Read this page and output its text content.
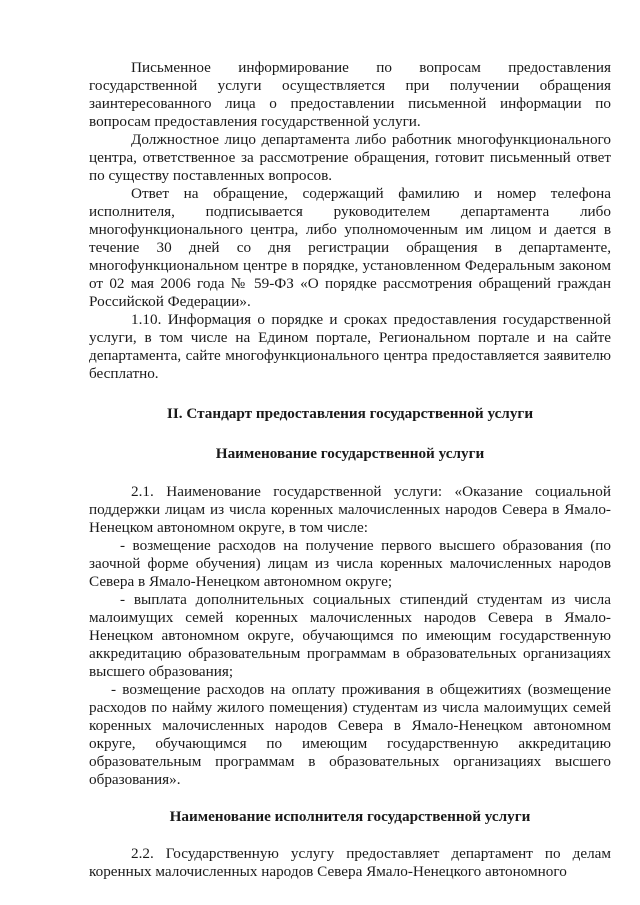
Письменное информирование по вопросам предоставления государственной услуги осуществляется при получении обращения заинтересованного лица о предоставлении письменной информации по вопросам предоставления государственной услуги.

Должностное лицо департамента либо работник многофункционального центра, ответственное за рассмотрение обращения, готовит письменный ответ по существу поставленных вопросов.

Ответ на обращение, содержащий фамилию и номер телефона исполнителя, подписывается руководителем департамента либо многофункционального центра, либо уполномоченным им лицом и дается в течение 30 дней со дня регистрации обращения в департаменте, многофункциональном центре в порядке, установленном Федеральным законом от 02 мая 2006 года № 59-ФЗ «О порядке рассмотрения обращений граждан Российской Федерации».

1.10. Информация о порядке и сроках предоставления государственной услуги, в том числе на Едином портале, Региональном портале и на сайте департамента, сайте многофункционального центра предоставляется заявителю бесплатно.

II. Стандарт предоставления государственной услуги

Наименование государственной услуги

2.1. Наименование государственной услуги: «Оказание социальной поддержки лицам из числа коренных малочисленных народов Севера в Ямало-Ненецком автономном округе, в том числе:

- возмещение расходов на получение первого высшего образования (по заочной форме обучения) лицам из числа коренных малочисленных народов Севера в Ямало-Ненецком автономном округе;

- выплата дополнительных социальных стипендий студентам из числа малоимущих семей коренных малочисленных народов Севера в Ямало-Ненецком автономном округе, обучающимся по имеющим государственную аккредитацию образовательным программам в образовательных организациях высшего образования;

- возмещение расходов на оплату проживания в общежитиях (возмещение расходов по найму жилого помещения) студентам из числа малоимущих семей коренных малочисленных народов Севера в Ямало-Ненецком автономном округе, обучающимся по имеющим государственную аккредитацию образовательным программам в образовательных организациях высшего образования».

Наименование исполнителя государственной услуги

2.2. Государственную услугу предоставляет департамент по делам коренных малочисленных народов Севера Ямало-Ненецкого автономного
